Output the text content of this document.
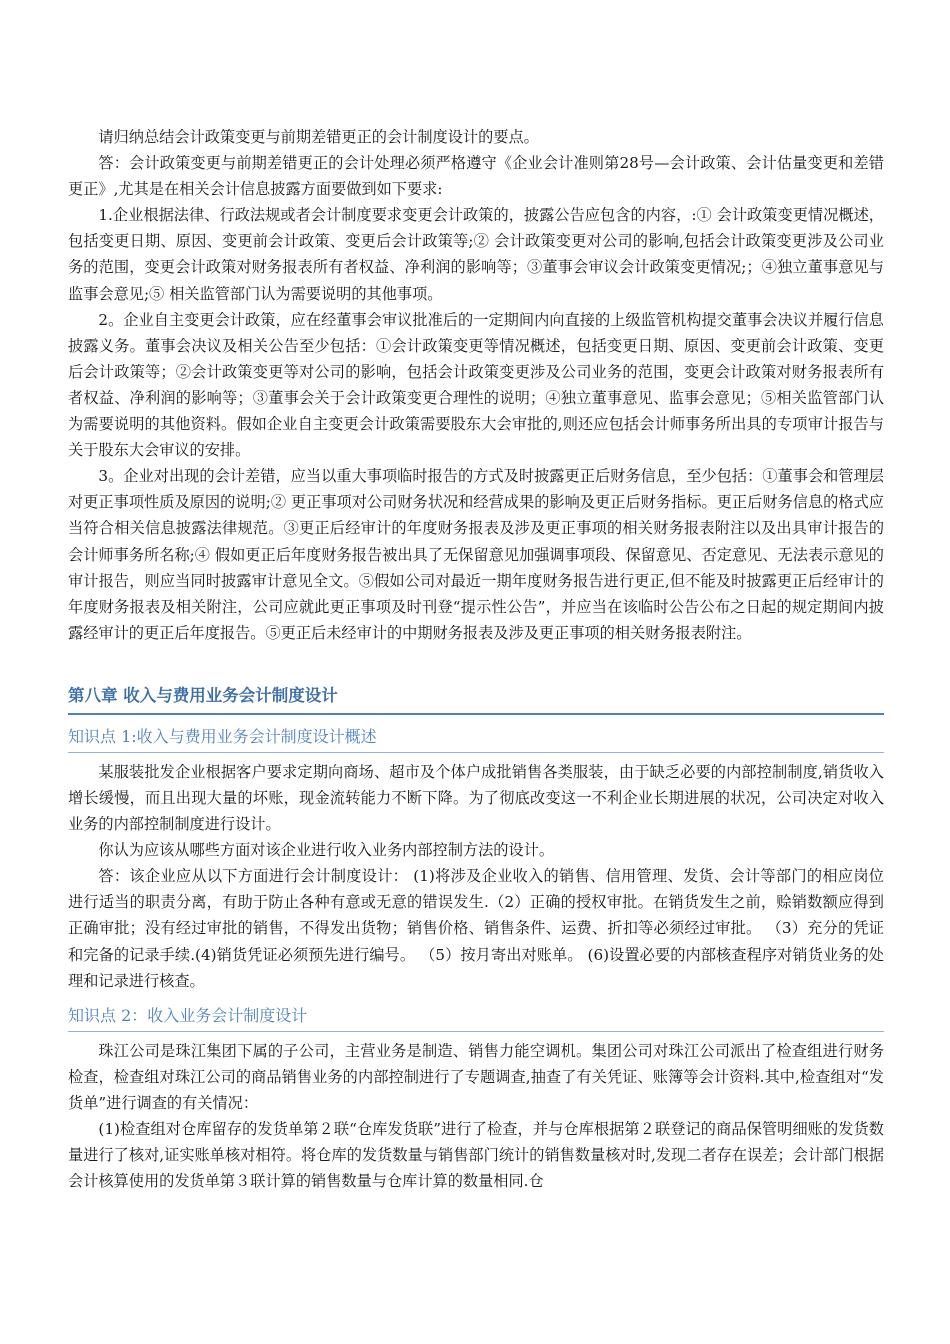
请归纳总结会计政策变更与前期差错更正的会计制度设计的要点。

答：会计政策变更与前期差错更正的会计处理必须严格遵守《企业会计准则第28号—会计政策、会计估量变更和差错更正》,尤其是在相关会计信息披露方面要做到如下要求:

1.企业根据法律、行政法规或者会计制度要求变更会计政策的，披露公告应包含的内容，:① 会计政策变更情况概述，包括变更日期、原因、变更前会计政策、变更后会计政策等;② 会计政策变更对公司的影响,包括会计政策变更涉及公司业务的范围，变更会计政策对财务报表所有者权益、净利润的影响等；③董事会审议会计政策变更情况;；④独立董事意见与监事会意见;⑤ 相关监管部门认为需要说明的其他事项。

2。企业自主变更会计政策，应在经董事会审议批准后的一定期间内向直接的上级监管机构提交董事会决议并履行信息披露义务。董事会决议及相关公告至少包括：①会计政策变更等情况概述，包括变更日期、原因、变更前会计政策、变更后会计政策等；②会计政策变更等对公司的影响，包括会计政策变更涉及公司业务的范围，变更会计政策对财务报表所有者权益、净利润的影响等；③董事会关于会计政策变更合理性的说明；④独立董事意见、监事会意见；⑤相关监管部门认为需要说明的其他资料。假如企业自主变更会计政策需要股东大会审批的,则还应包括会计师事务所出具的专项审计报告与关于股东大会审议的安排。

3。企业对出现的会计差错，应当以重大事项临时报告的方式及时披露更正后财务信息，至少包括：①董事会和管理层对更正事项性质及原因的说明;② 更正事项对公司财务状况和经营成果的影响及更正后财务指标。更正后财务信息的格式应当符合相关信息披露法律规范。③更正后经审计的年度财务报表及涉及更正事项的相关财务报表附注以及出具审计报告的会计师事务所名称;④ 假如更正后年度财务报告被出具了无保留意见加强调事项段、保留意见、否定意见、无法表示意见的审计报告，则应当同时披露审计意见全文。⑤假如公司对最近一期年度财务报告进行更正,但不能及时披露更正后经审计的年度财务报表及相关附注，公司应就此更正事项及时刊登“提示性公告”，并应当在该临时公告公布之日起的规定期间内披露经审计的更正后年度报告。⑤更正后未经审计的中期财务报表及涉及更正事项的相关财务报表附注。

第八章 收入与费用业务会计制度设计
知识点 1:收入与费用业务会计制度设计概述

某服装批发企业根据客户要求定期向商场、超市及个体户成批销售各类服装，由于缺乏必要的内部控制制度,销货收入增长缓慢，而且出现大量的坏账，现金流转能力不断下降。为了彻底改变这一不利企业长期进展的状况，公司决定对收入业务的内部控制制度进行设计。

你认为应该从哪些方面对该企业进行收入业务内部控制方法的设计。

答：该企业应从以下方面进行会计制度设计： (1)将涉及企业收入的销售、信用管理、发货、会计等部门的相应岗位进行适当的职责分离，有助于防止各种有意或无意的错误发生.（2）正确的授权审批。在销货发生之前，赊销数额应得到正确审批；没有经过审批的销售，不得发出货物；销售价格、销售条件、运费、折扣等必须经过审批。 （3）充分的凭证和完备的记录手续.(4)销货凭证必须预先进行编号。 （5）按月寄出对账单。 (6)设置必要的内部核查程序对销货业务的处理和记录进行核查。

知识点 2：收入业务会计制度设计

珠江公司是珠江集团下属的子公司，主营业务是制造、销售力能空调机。集团公司对珠江公司派出了检查组进行财务检查，检查组对珠江公司的商品销售业务的内部控制进行了专题调查,抽查了有关凭证、账簿等会计资料.其中,检查组对“发货单”进行调查的有关情况：

(1)检查组对仓库留存的发货单第２联“仓库发货联”进行了检查，并与仓库根据第２联登记的商品保管明细账的发货数量进行了核对,证实账单核对相符。将仓库的发货数量与销售部门统计的销售数量核对时,发现二者存在误差；会计部门根据会计核算使用的发货单第３联计算的销售数量与仓库计算的数量相同.仓
